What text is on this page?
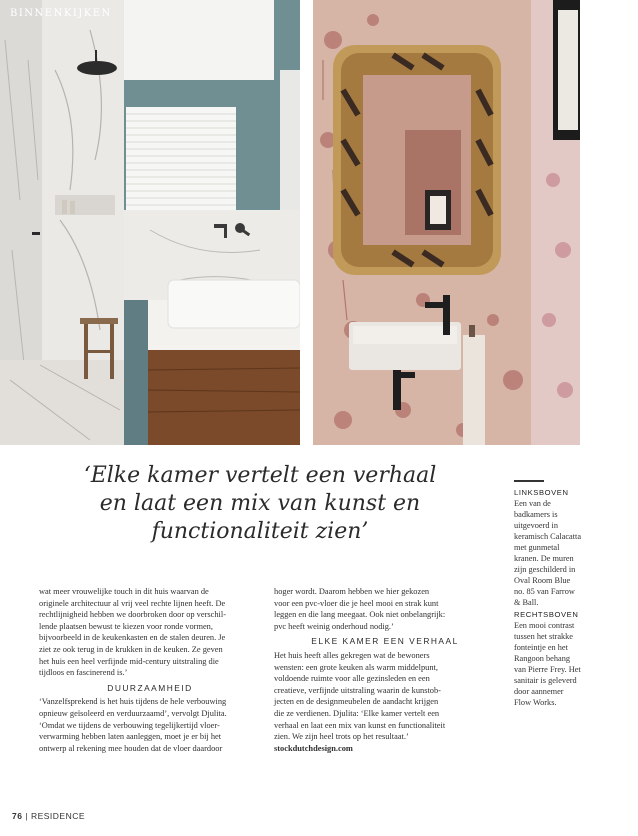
BINNENKIJKEN
‘Elke kamer vertelt een verhaal
en laat een mix van kunst en
functionaliteit zien’
LINKSBOVEN

Een van de

badkamers is

uitgevoerd in

keramisch Calacatta

met gunmetal

kranen. De muren

zijn geschilderd in

Oval Room Blue

no. 85 van Farrow

& Ball.

RECHTSBOVEN

Een mooi contrast

tussen het strakke

fonteintje en het

Rangoon behang

van Pierre Frey. Het

sanitair is geleverd

door aannemer

Flow Works.

wat meer vrouwelijke touch in dit huis waarvan de

originele architectuur al vrij veel rechte lijnen heeft. De

rechtlijnigheid hebben we doorbroken door op verschil-

lende plaatsen bewust te kiezen voor ronde vormen,

bijvoorbeeld in de keukenkasten en de stalen deuren. Je

ziet ze ook terug in de krukken in de keuken. Ze geven

het huis een heel verfijnde mid-century uitstraling die

tijdloos en fascinerend is.’

DUURZAAMHEID

‘Vanzelfsprekend is het huis tijdens de hele verbouwing

opnieuw geïsoleerd en verduurzaamd’, vervolgt Djulita.

‘Omdat we tijdens de verbouwing tegelijkertijd vloer-

verwarming hebben laten aanleggen, moet je er bij het

ontwerp al rekening mee houden dat de vloer daardoor

hoger wordt. Daarom hebben we hier gekozen

voor een pvc-vloer die je heel mooi en strak kunt

leggen en die lang meegaat. Ook niet onbelangrijk:

pvc heeft weinig onderhoud nodig.’

ELKE KAMER EEN VERHAAL

Het huis heeft alles gekregen wat de bewoners

wensten: een grote keuken als warm middelpunt,

voldoende ruimte voor alle gezinsleden en een

creatieve, verfijnde uitstraling waarin de kunstob-

jecten en de designmeubelen de aandacht krijgen

die ze verdienen. Djulita: ‘Elke kamer vertelt een

verhaal en laat een mix van kunst en functionaliteit

zien. We zijn heel trots op het resultaat.’

stockdutchdesign.com

76 | RESIDENCE
